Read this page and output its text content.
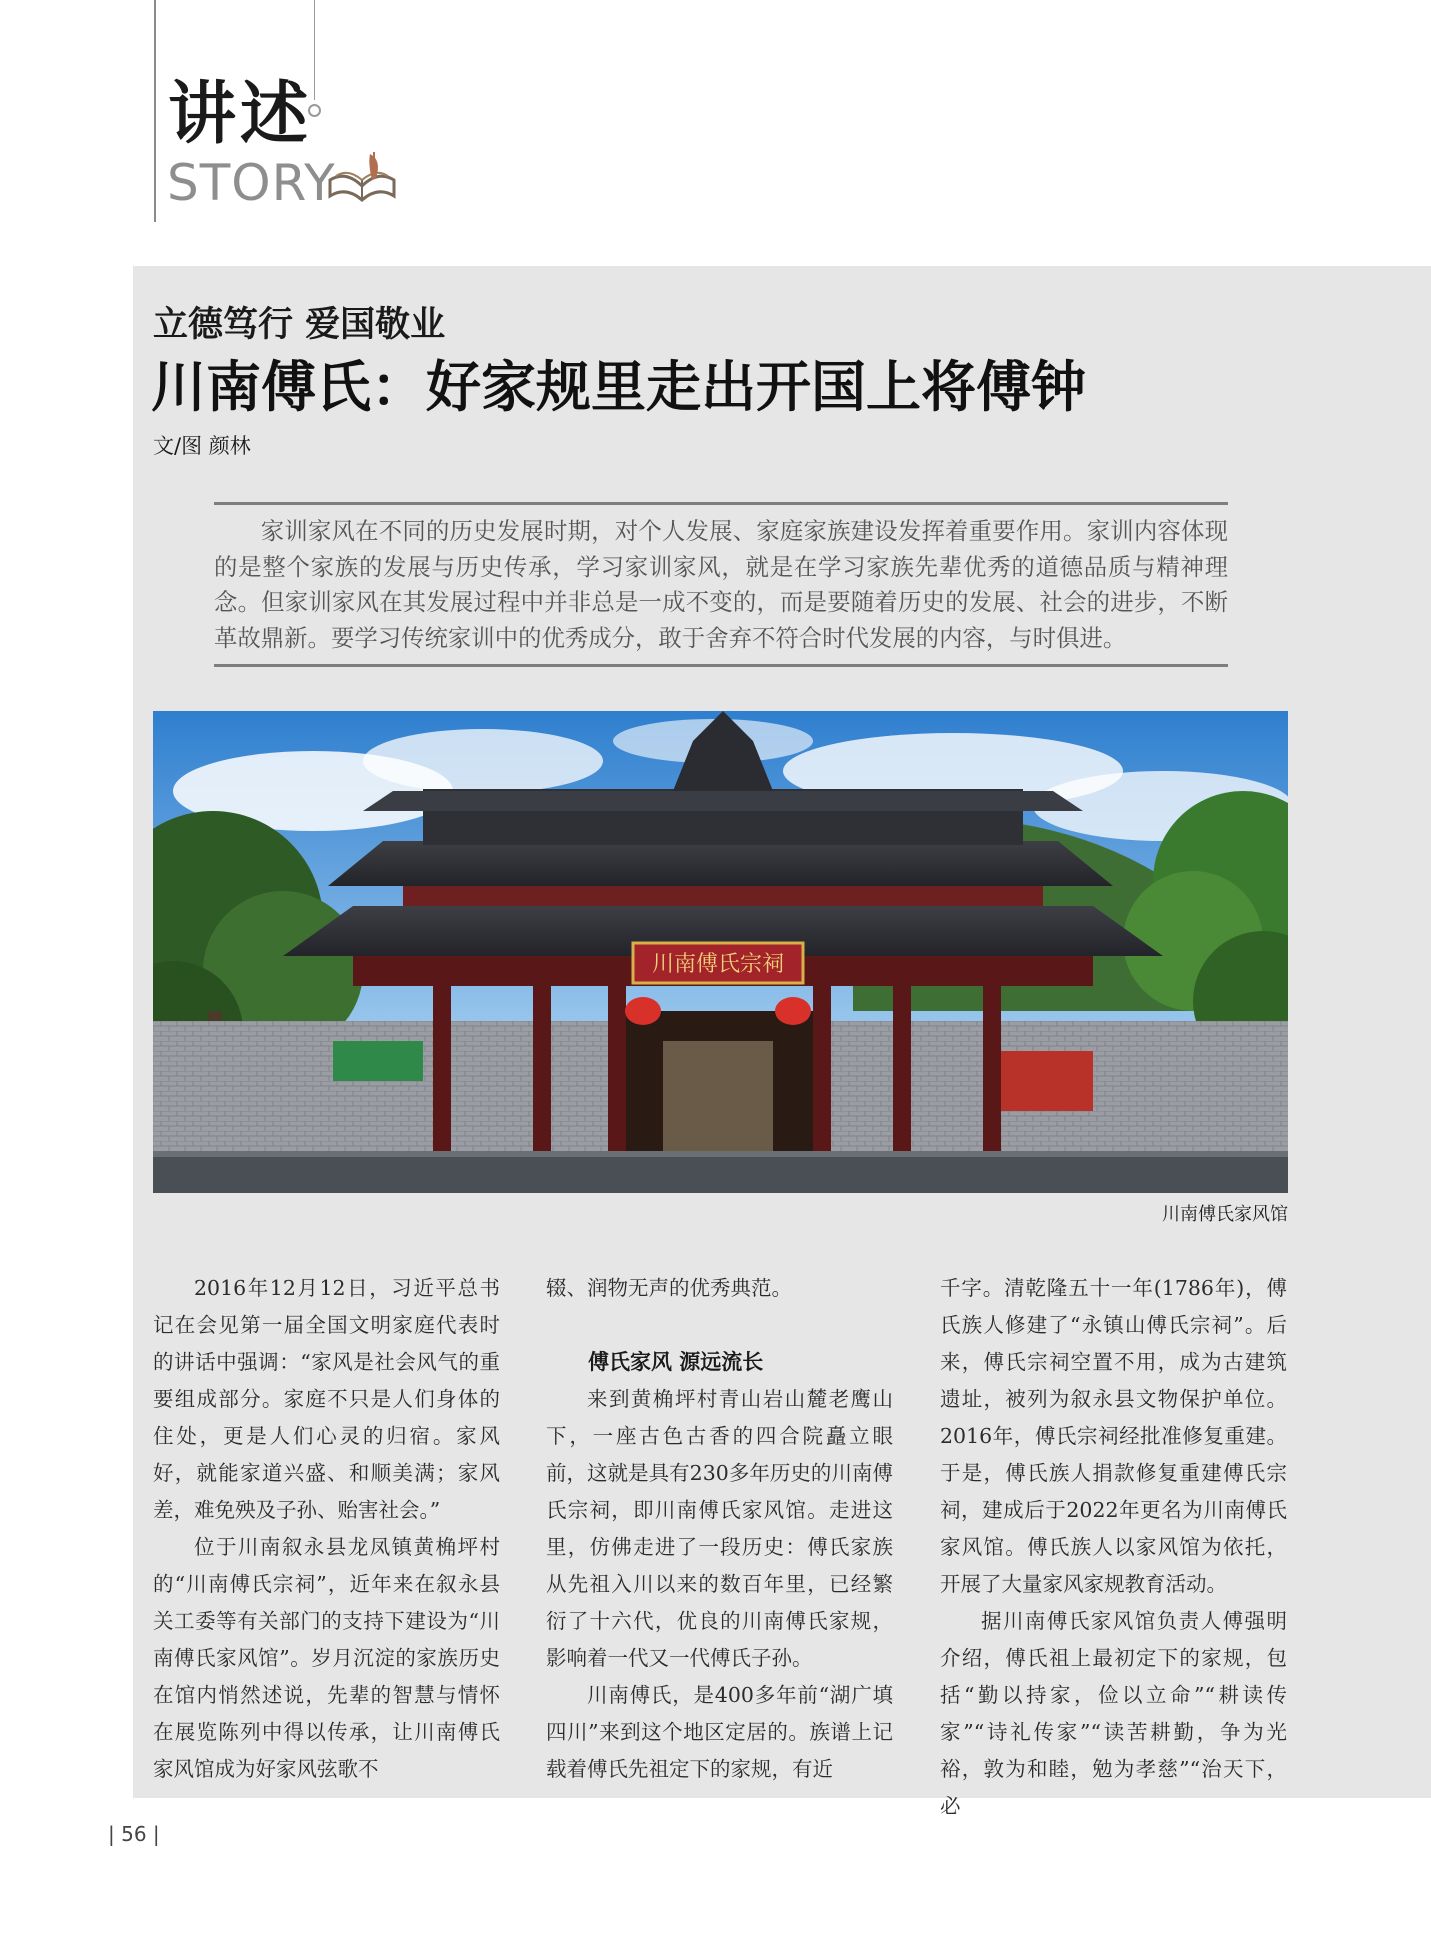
讲述
STORY
立德笃行 爱国敬业
川南傅氏：好家规里走出开国上将傅钟
文/图 颜林
家训家风在不同的历史发展时期，对个人发展、家庭家族建设发挥着重要作用。家训内容体现的是整个家族的发展与历史传承，学习家训家风，就是在学习家族先辈优秀的道德品质与精神理念。但家训家风在其发展过程中并非总是一成不变的，而是要随着历史的发展、社会的进步，不断革故鼎新。要学习传统家训中的优秀成分，敢于舍弃不符合时代发展的内容，与时俱进。
川南傅氏宗祠
川南傅氏家风馆

2016年12月12日，习近平总书记在会见第一届全国文明家庭代表时的讲话中强调：“家风是社会风气的重要组成部分。家庭不只是人们身体的住处，更是人们心灵的归宿。家风好，就能家道兴盛、和顺美满；家风差，难免殃及子孙、贻害社会。”

位于川南叙永县龙凤镇黄桷坪村的“川南傅氏宗祠”，近年来在叙永县关工委等有关部门的支持下建设为“川南傅氏家风馆”。岁月沉淀的家族历史在馆内悄然述说，先辈的智慧与情怀在展览陈列中得以传承，让川南傅氏家风馆成为好家风弦歌不

辍、润物无声的优秀典范。

傅氏家风 源远流长

来到黄桷坪村青山岩山麓老鹰山下，一座古色古香的四合院矗立眼前，这就是具有230多年历史的川南傅氏宗祠，即川南傅氏家风馆。走进这里，仿佛走进了一段历史：傅氏家族从先祖入川以来的数百年里，已经繁衍了十六代，优良的川南傅氏家规，影响着一代又一代傅氏子孙。

川南傅氏，是400多年前“湖广填四川”来到这个地区定居的。族谱上记载着傅氏先祖定下的家规，有近

千字。清乾隆五十一年(1786年)，傅氏族人修建了“永镇山傅氏宗祠”。后来，傅氏宗祠空置不用，成为古建筑遗址，被列为叙永县文物保护单位。2016年，傅氏宗祠经批准修复重建。于是，傅氏族人捐款修复重建傅氏宗祠，建成后于2022年更名为川南傅氏家风馆。傅氏族人以家风馆为依托，开展了大量家风家规教育活动。

据川南傅氏家风馆负责人傅强明介绍，傅氏祖上最初定下的家规，包括“勤以持家，俭以立命”“耕读传家”“诗礼传家”“读苦耕勤，争为光裕，敦为和睦，勉为孝慈”“治天下，必

| 56 |
